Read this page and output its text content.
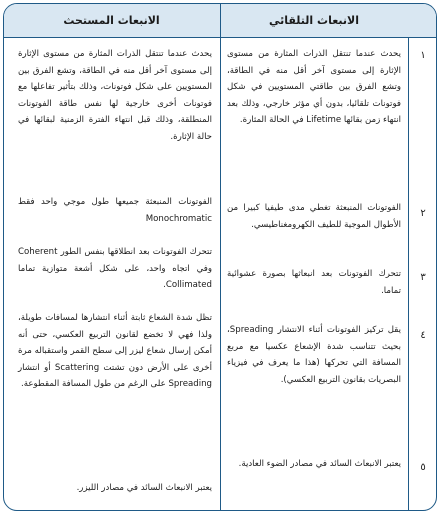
الانبعاث المستحث	الانبعاث التلقائي
١
٢
٣
٤
٥
يحدث عندما تنتقل الذرات المثارة من مستوى الإثارة إلى مستوى آخر أقل منه في الطاقة، وتشع الفرق بين طاقتي المستويين في شكل فوتونات تلقائيا، بدون أي مؤثر خارجي، وذلك بعد انتهاء زمن بقائها Lifetime في الحالة المثارة.
الفوتونات المنبعثة تغطي مدى طيفيا كبيرا من الأطوال الموجية للطيف الكهرومغناطيسي.
تتحرك الفوتونات بعد انبعاثها بصورة عشوائية تماما.
يقل تركيز الفوتونات أثناء الانتشار Spreading، بحيث تتناسب شدة الإشعاع عكسيا مع مربع المسافة التي تحركها (هذا ما يعرف في فيزياء البصريات بقانون التربيع العكسي).
يعتبر الانبعاث السائد في مصادر الضوء العادية.
يحدث عندما تنتقل الذرات المثارة من مستوى الإثارة إلى مستوى آخر أقل منه في الطاقة، وتشع الفرق بين المستويين على شكل فوتونات، وذلك بتأثير تفاعلها مع فوتونات أخرى خارجية لها نفس طاقة الفوتونات المنطلقة، وذلك قبل انتهاء الفترة الزمنية لبقائها في حالة الإثارة.
الفوتونات المنبعثة جميعها طول موجي واحد فقط Monochromatic
تتحرك الفوتونات بعد انطلاقها بنفس الطور Coherent وفي اتجاه واحد، على شكل أشعة متوازية تماما Collimated.
تظل شدة الشعاع ثابتة أثناء انتشارها لمسافات طويلة، ولذا فهي لا تخضع لقانون التربيع العكسي، حتى أنه أمكن إرسال شعاع ليزر إلى سطح القمر واستقباله مرة أخرى على الأرض دون تشتت Scattering أو انتشار Spreading على الرغم من طول المسافة المقطوعة.
يعتبر الانبعاث السائد في مصادر الليزر.
